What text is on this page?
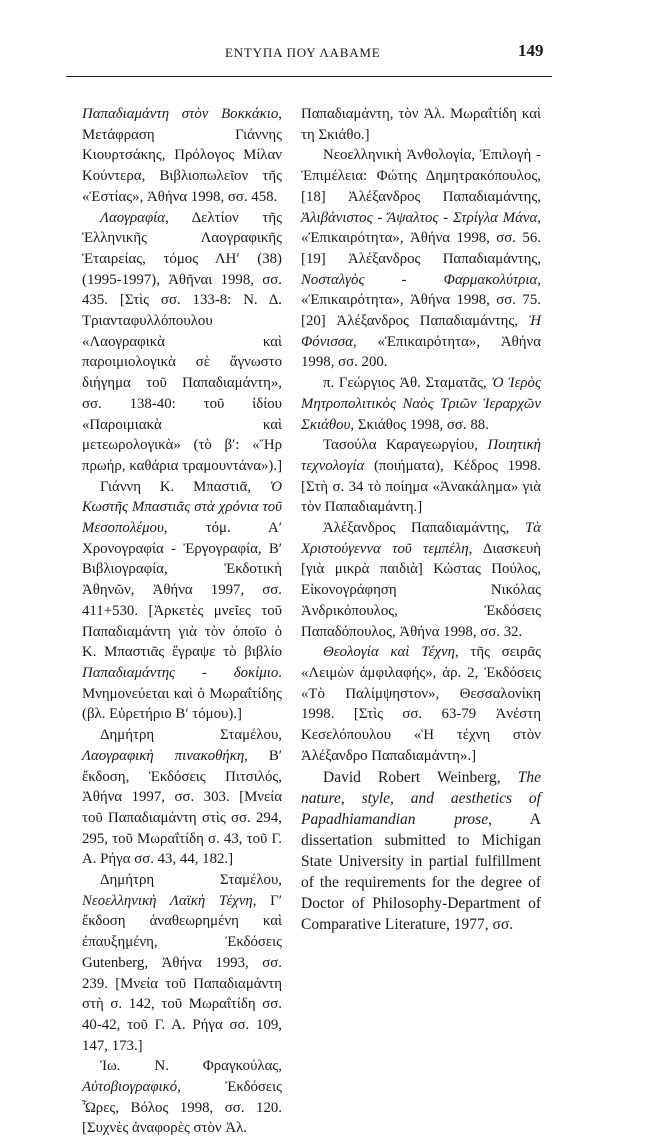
ΕΝΤΥΠΑ ΠΟΥ ΛΑΒΑΜΕ	149

Παπαδιαμάντη στὸν Βοκκάκιο, Μετάφραση Γιάννης Κιουρτσάκης, Πρόλογος Μίλαν Κούντερα, Βιβλιοπωλεῖον τῆς «Ἑστίας», Ἀθήνα 1998, σσ. 458.

Λαογραφία, Δελτίον τῆς Ἑλληνικῆς Λαογραφικῆς Ἑταιρείας, τόμος ΛΗʹ (38) (1995-1997), Ἀθῆναι 1998, σσ. 435. [Στὶς σσ. 133-8: Ν. Δ. Τριανταφυλλόπουλου «Λαογραφικὰ καὶ παροιμιολογικὰ σὲ ἄγνωστο διήγημα τοῦ Παπαδιαμάντη», σσ. 138-40: τοῦ ἰδίου «Παροιμιακὰ καὶ μετεωρολογικὰ» (τὸ βʹ: «Ἤρ πρωήρ, καθάρια τραμουντάνα»).]

Γιάννη Κ. Μπαστιᾶ, Ὁ Κωστῆς Μπαστιᾶς στὰ χρόνια τοῦ Μεσοπολέμου, τόμ. Αʹ Χρονογραφία - Ἐργογραφία, Βʹ Βιβλιογραφία, Ἐκδοτικὴ Ἀθηνῶν, Ἀθήνα 1997, σσ. 411+530. [Ἀρκετὲς μνεῖες τοῦ Παπαδιαμάντη γιὰ τὸν ὁποῖο ὁ Κ. Μπαστιᾶς ἔγραψε τὸ βιβλίο Παπαδιαμάντης - δοκίμιο. Μνημονεύεται καὶ ὁ Μωραΐτίδης (βλ. Εὑρετήριο Βʹ τόμου).]

Δημήτρη Σταμέλου, Λαογραφικὴ πινακοθήκη, Βʹ ἔκδοση, Ἐκδόσεις Πιτσιλός, Ἀθήνα 1997, σσ. 303. [Μνεία τοῦ Παπαδιαμάντη στὶς σσ. 294, 295, τοῦ Μωραΐτίδη σ. 43, τοῦ Γ. Α. Ρήγα σσ. 43, 44, 182.]

Δημήτρη Σταμέλου, Νεοελληνικὴ Λαϊκὴ Τέχνη, Γʹ ἔκδοση ἀναθεωρημένη καὶ ἐπαυξημένη, Ἐκδόσεις Gutenberg, Ἀθήνα 1993, σσ. 239. [Μνεία τοῦ Παπαδιαμάντη στὴ σ. 142, τοῦ Μωραΐτίδη σσ. 40-42, τοῦ Γ. Α. Ρήγα σσ. 109, 147, 173.]

Ἰω. Ν. Φραγκούλας, Αὐτοβιογραφικό, Ἐκδόσεις Ὧρες, Βόλος 1998, σσ. 120. [Συχνὲς ἀναφορὲς στὸν Ἀλ.

Παπαδιαμάντη, τὸν Ἀλ. Μωραΐτίδη καὶ τη Σκιάθο.]

Νεοελληνικὴ Ἀνθολογία, Ἐπιλογὴ - Ἐπιμέλεια: Φώτης Δημητρακόπουλος, [18] Ἀλέξανδρος Παπαδιαμάντης, Ἀλιβάνιστος - Ἄψαλτος - Στρίγλα Μάνα, «Ἐπικαιρότητα», Ἀθήνα 1998, σσ. 56. [19] Ἀλέξανδρος Παπαδιαμάντης, Νοσταλγὸς - Φαρμακολύτρια, «Ἐπικαιρότητα», Ἀθήνα 1998, σσ. 75. [20] Ἀλέξανδρος Παπαδιαμάντης, Ἡ Φόνισσα, «Ἐπικαιρότητα», Ἀθήνα 1998, σσ. 200.

π. Γεώργιος Ἀθ. Σταματᾶς, Ὁ Ἱερὸς Μητροπολιτικὸς Ναὸς Τριῶν Ἱεραρχῶν Σκιάθου, Σκιάθος 1998, σσ. 88.

Τασούλα Καραγεωργίου, Ποιητικὴ τεχνολογία (ποιήματα), Κέδρος 1998. [Στὴ σ. 34 τὸ ποίημα «Ἀνακάλημα» γιὰ τὸν Παπαδιαμάντη.]

Ἀλέξανδρος Παπαδιαμάντης, Τὰ Χριστούγεννα τοῦ τεμπέλη, Διασκευὴ [γιὰ μικρὰ παιδιὰ] Κώστας Πούλος, Εἰκονογράφηση Νικόλας Ἀνδρικόπουλος, Ἐκδόσεις Παπαδόπουλος, Ἀθήνα 1998, σσ. 32.

Θεολογία καὶ Τέχνη, τῆς σειρᾶς «Λειμὼν ἀμφιλαφής», ἀρ. 2, Ἐκδόσεις «Τὸ Παλίμψηστον», Θεσσαλονίκη 1998. [Στὶς σσ. 63-79 Ἀνέστη Κεσελόπουλου «Ἡ τέχνη στὸν Ἀλέξανδρο Παπαδιαμάντη».]

David Robert Weinberg, The nature, style, and aesthetics of Papadhiamandian prose, A dissertation submitted to Michigan State University in partial fulfillment of the requirements for the degree of Doctor of Philosophy-Department of Comparative Literature, 1977, σσ.
